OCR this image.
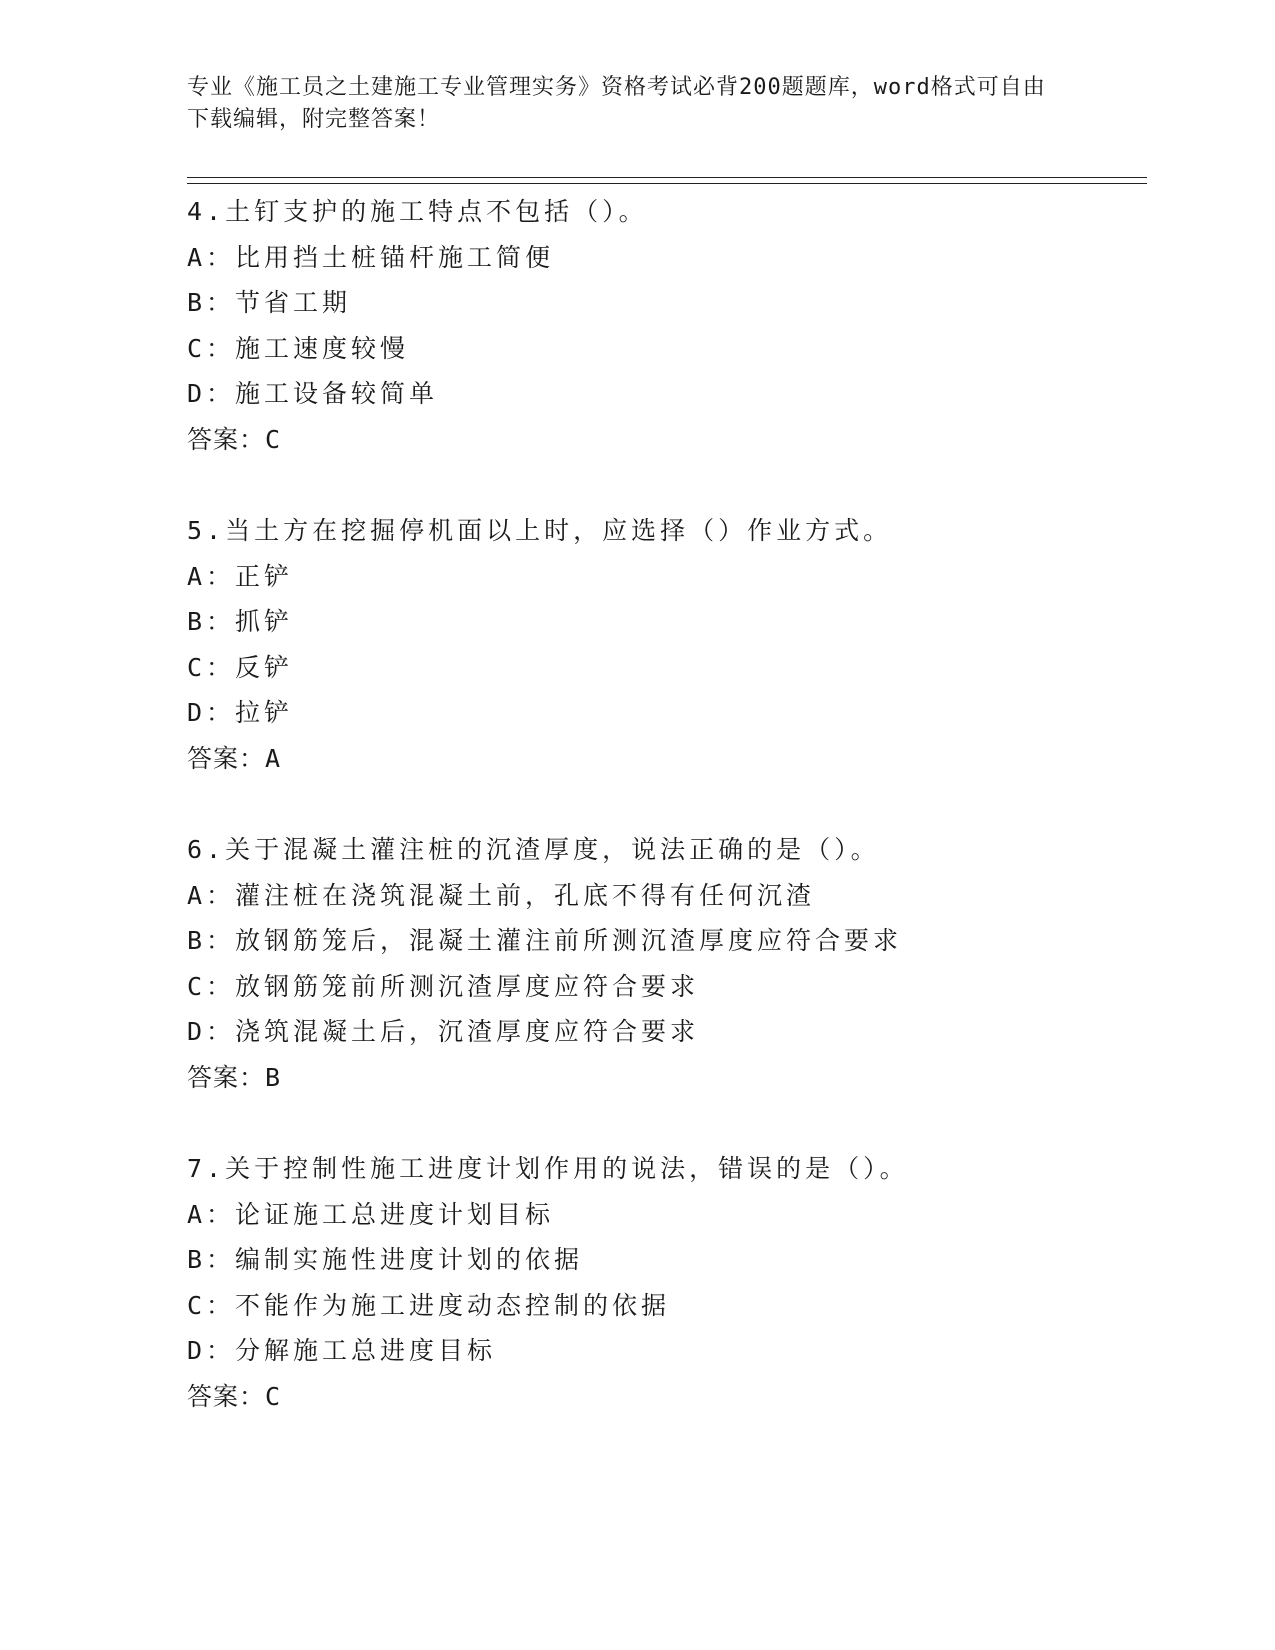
专业《施工员之土建施工专业管理实务》资格考试必背200题题库，word格式可自由下载编辑，附完整答案！

4.土钉支护的施工特点不包括（）。
A：比用挡土桩锚杆施工简便
B：节省工期
C：施工速度较慢
D：施工设备较简单
答案：C
5.当土方在挖掘停机面以上时，应选择（）作业方式。
A：正铲
B：抓铲
C：反铲
D：拉铲
答案：A
6.关于混凝土灌注桩的沉渣厚度，说法正确的是（）。
A：灌注桩在浇筑混凝土前，孔底不得有任何沉渣
B：放钢筋笼后，混凝土灌注前所测沉渣厚度应符合要求
C：放钢筋笼前所测沉渣厚度应符合要求
D：浇筑混凝土后，沉渣厚度应符合要求
答案：B
7.关于控制性施工进度计划作用的说法，错误的是（）。
A：论证施工总进度计划目标
B：编制实施性进度计划的依据
C：不能作为施工进度动态控制的依据
D：分解施工总进度目标
答案：C
